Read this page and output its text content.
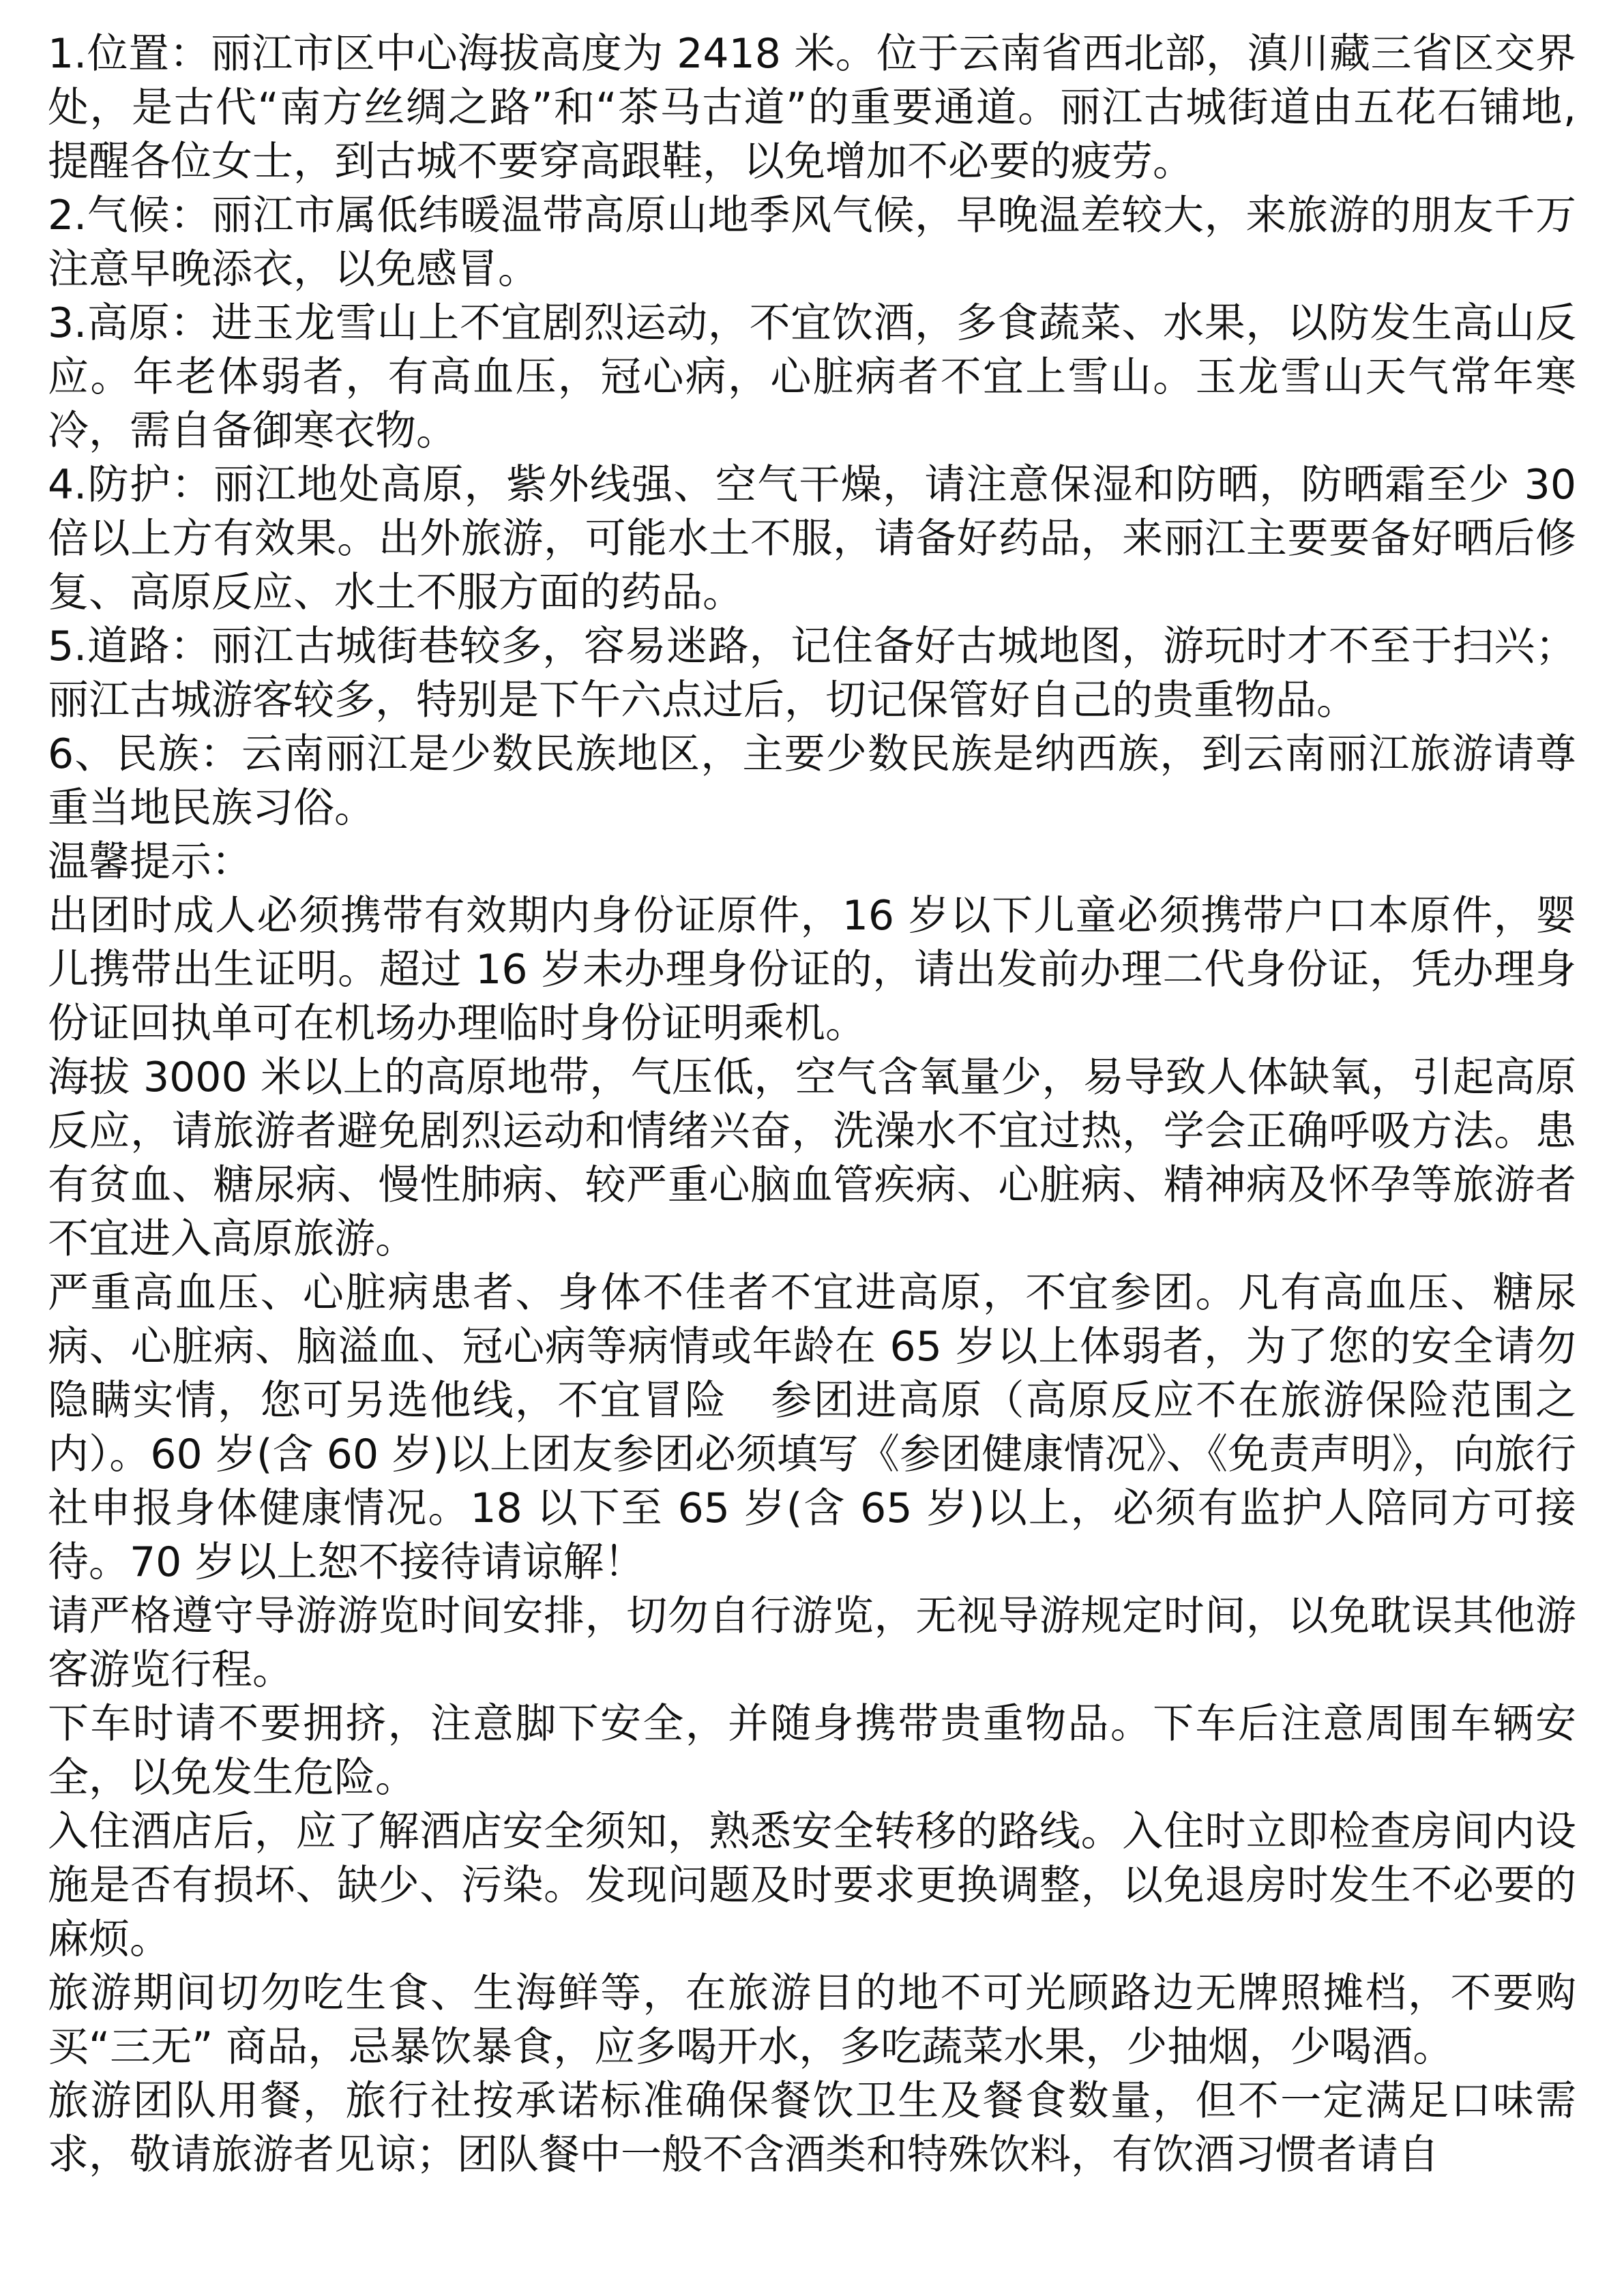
1.位置：丽江市区中心海拔高度为 2418 米。位于云南省西北部，滇川藏三省区交界处，是古代“南方丝绸之路”和“茶马古道”的重要通道。丽江古城街道由五花石铺地,提醒各位女士，到古城不要穿高跟鞋，以免增加不必要的疲劳。

2.气候：丽江市属低纬暖温带高原山地季风气候，早晚温差较大，来旅游的朋友千万注意早晚添衣，以免感冒。

3.高原：进玉龙雪山上不宜剧烈运动，不宜饮酒，多食蔬菜、水果，以防发生高山反应。年老体弱者，有高血压，冠心病，心脏病者不宜上雪山。玉龙雪山天气常年寒冷，需自备御寒衣物。

4.防护：丽江地处高原，紫外线强、空气干燥，请注意保湿和防晒，防晒霜至少 30  倍以上方有效果。出外旅游，可能水土不服，请备好药品，来丽江主要要备好晒后修复、高原反应、水土不服方面的药品。

5.道路：丽江古城街巷较多，容易迷路，记住备好古城地图，游玩时才不至于扫兴；丽江古城游客较多，特别是下午六点过后，切记保管好自己的贵重物品。

6、民族：云南丽江是少数民族地区，主要少数民族是纳西族，到云南丽江旅游请尊重当地民族习俗。

温馨提示：

出团时成人必须携带有效期内身份证原件，16 岁以下儿童必须携带户口本原件，婴儿携带出生证明。超过 16 岁未办理身份证的，请出发前办理二代身份证，凭办理身份证回执单可在机场办理临时身份证明乘机。

海拔 3000 米以上的高原地带，气压低，空气含氧量少，易导致人体缺氧，引起高原反应，请旅游者避免剧烈运动和情绪兴奋，洗澡水不宜过热，学会正确呼吸方法。患有贫血、糖尿病、慢性肺病、较严重心脑血管疾病、心脏病、精神病及怀孕等旅游者不宜进入高原旅游。

严重高血压、心脏病患者、身体不佳者不宜进高原，不宜参团。凡有高血压、糖尿病、心脏病、脑溢血、冠心病等病情或年龄在 65 岁以上体弱者，为了您的安全请勿隐瞒实情，您可另选他线，不宜冒险   参团进高原（高原反应不在旅游保险范围之内）。60 岁(含 60 岁)以上团友参团必须填写《参团健康情况》、《免责声明》，向旅行社申报身体健康情况。18 以下至 65 岁(含 65 岁)以上，必须有监护人陪同方可接待。70 岁以上恕不接待请谅解！

请严格遵守导游游览时间安排，切勿自行游览，无视导游规定时间，以免耽误其他游客游览行程。

下车时请不要拥挤，注意脚下安全，并随身携带贵重物品。下车后注意周围车辆安全，以免发生危险。

入住酒店后，应了解酒店安全须知，熟悉安全转移的路线。入住时立即检查房间内设施是否有损坏、缺少、污染。发现问题及时要求更换调整，以免退房时发生不必要的麻烦。

旅游期间切勿吃生食、生海鲜等，在旅游目的地不可光顾路边无牌照摊档，不要购买“三无” 商品，忌暴饮暴食，应多喝开水，多吃蔬菜水果，少抽烟，少喝酒。

旅游团队用餐，旅行社按承诺标准确保餐饮卫生及餐食数量，但不一定满足口味需求，敬请旅游者见谅；团队餐中一般不含酒类和特殊饮料，有饮酒习惯者请自
